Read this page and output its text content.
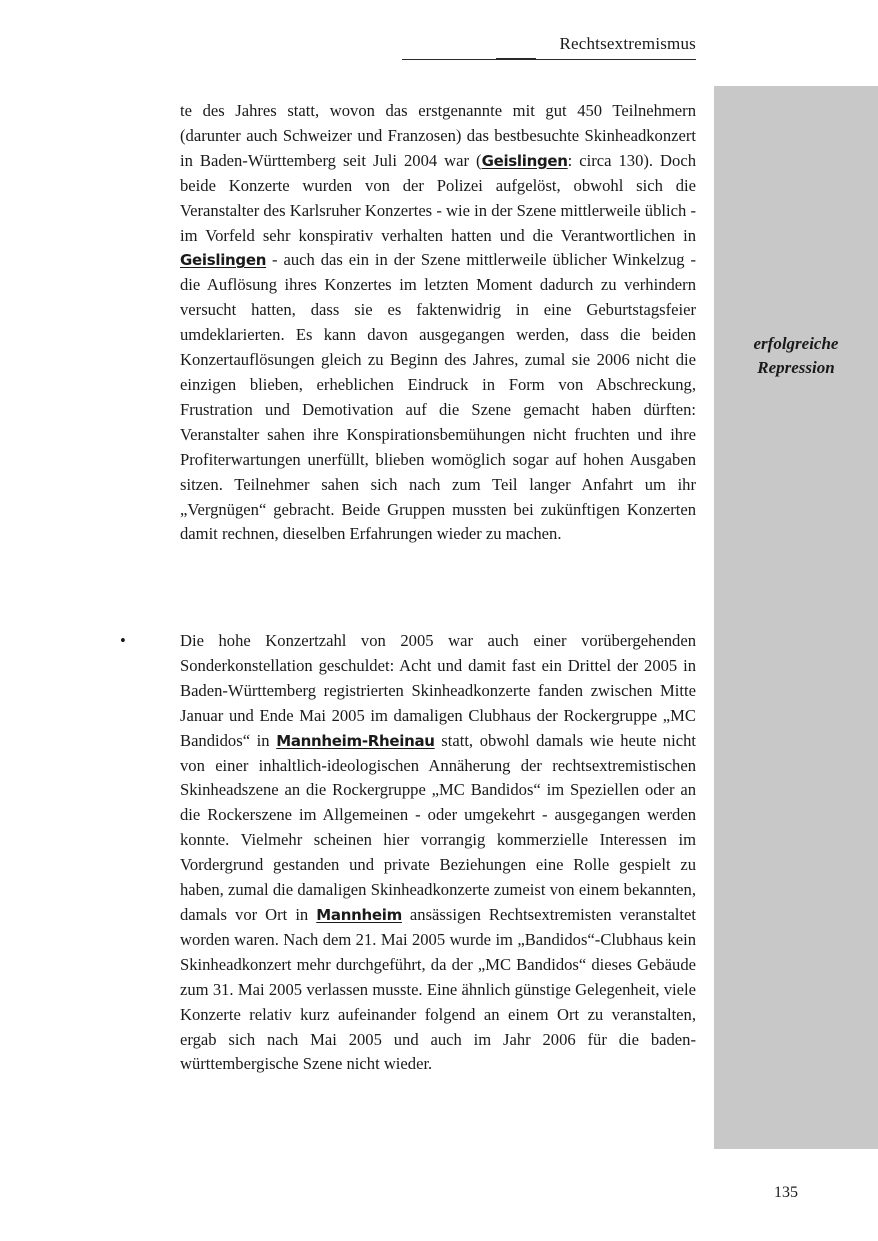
Rechtsextremismus
erfolgreiche
Repression
te des Jahres statt, wovon das erstgenannte mit gut 450 Teilnehmern (darunter auch Schweizer und Franzosen) das bestbesuchte Skinheadkonzert in Baden-Württemberg seit Juli 2004 war (Geislingen: circa 130). Doch beide Konzerte wurden von der Polizei aufgelöst, obwohl sich die Veranstalter des Karlsruher Konzertes - wie in der Szene mittlerweile üblich - im Vorfeld sehr konspirativ verhalten hatten und die Verantwortlichen in Geislingen - auch das ein in der Szene mittlerweile üblicher Winkelzug - die Auflösung ihres Konzertes im letzten Moment dadurch zu verhindern versucht hatten, dass sie es faktenwidrig in eine Geburtstagsfeier umdeklarierten. Es kann davon ausgegangen werden, dass die beiden Konzertauflösungen gleich zu Beginn des Jahres, zumal sie 2006 nicht die einzigen blieben, erheblichen Eindruck in Form von Abschreckung, Frustration und Demotivation auf die Szene gemacht haben dürften: Veranstalter sahen ihre Konspirationsbemühungen nicht fruchten und ihre Profiterwartungen unerfüllt, blieben womöglich sogar auf hohen Ausgaben sitzen. Teilnehmer sahen sich nach zum Teil langer Anfahrt um ihr „Vergnügen“ gebracht. Beide Gruppen mussten bei zukünftigen Konzerten damit rechnen, dieselben Erfahrungen wieder zu machen.
•	Die hohe Konzertzahl von 2005 war auch einer vorübergehenden Sonderkonstellation geschuldet: Acht und damit fast ein Drittel der 2005 in Baden-Württemberg registrierten Skinheadkonzerte fanden zwischen Mitte Januar und Ende Mai 2005 im damaligen Clubhaus der Rockergruppe „MC Bandidos“ in Mannheim-Rheinau statt, obwohl damals wie heute nicht von einer inhaltlich-ideologischen Annäherung der rechtsextremistischen Skinheadszene an die Rockergruppe „MC Bandidos“ im Speziellen oder an die Rockerszene im Allgemeinen - oder umgekehrt - ausgegangen werden konnte. Vielmehr scheinen hier vorrangig kommerzielle Interessen im Vordergrund gestanden und private Beziehungen eine Rolle gespielt zu haben, zumal die damaligen Skinheadkonzerte zumeist von einem bekannten, damals vor Ort in Mannheim ansässigen Rechtsextremisten veranstaltet worden waren. Nach dem 21. Mai 2005 wurde im „Bandidos“-Clubhaus kein Skinheadkonzert mehr durchgeführt, da der „MC Bandidos“ dieses Gebäude zum 31. Mai 2005 verlassen musste. Eine ähnlich günstige Gelegenheit, viele Konzerte relativ kurz aufeinander folgend an einem Ort zu veranstalten, ergab sich nach Mai 2005 und auch im Jahr 2006 für die baden-württembergische Szene nicht wieder.
135
